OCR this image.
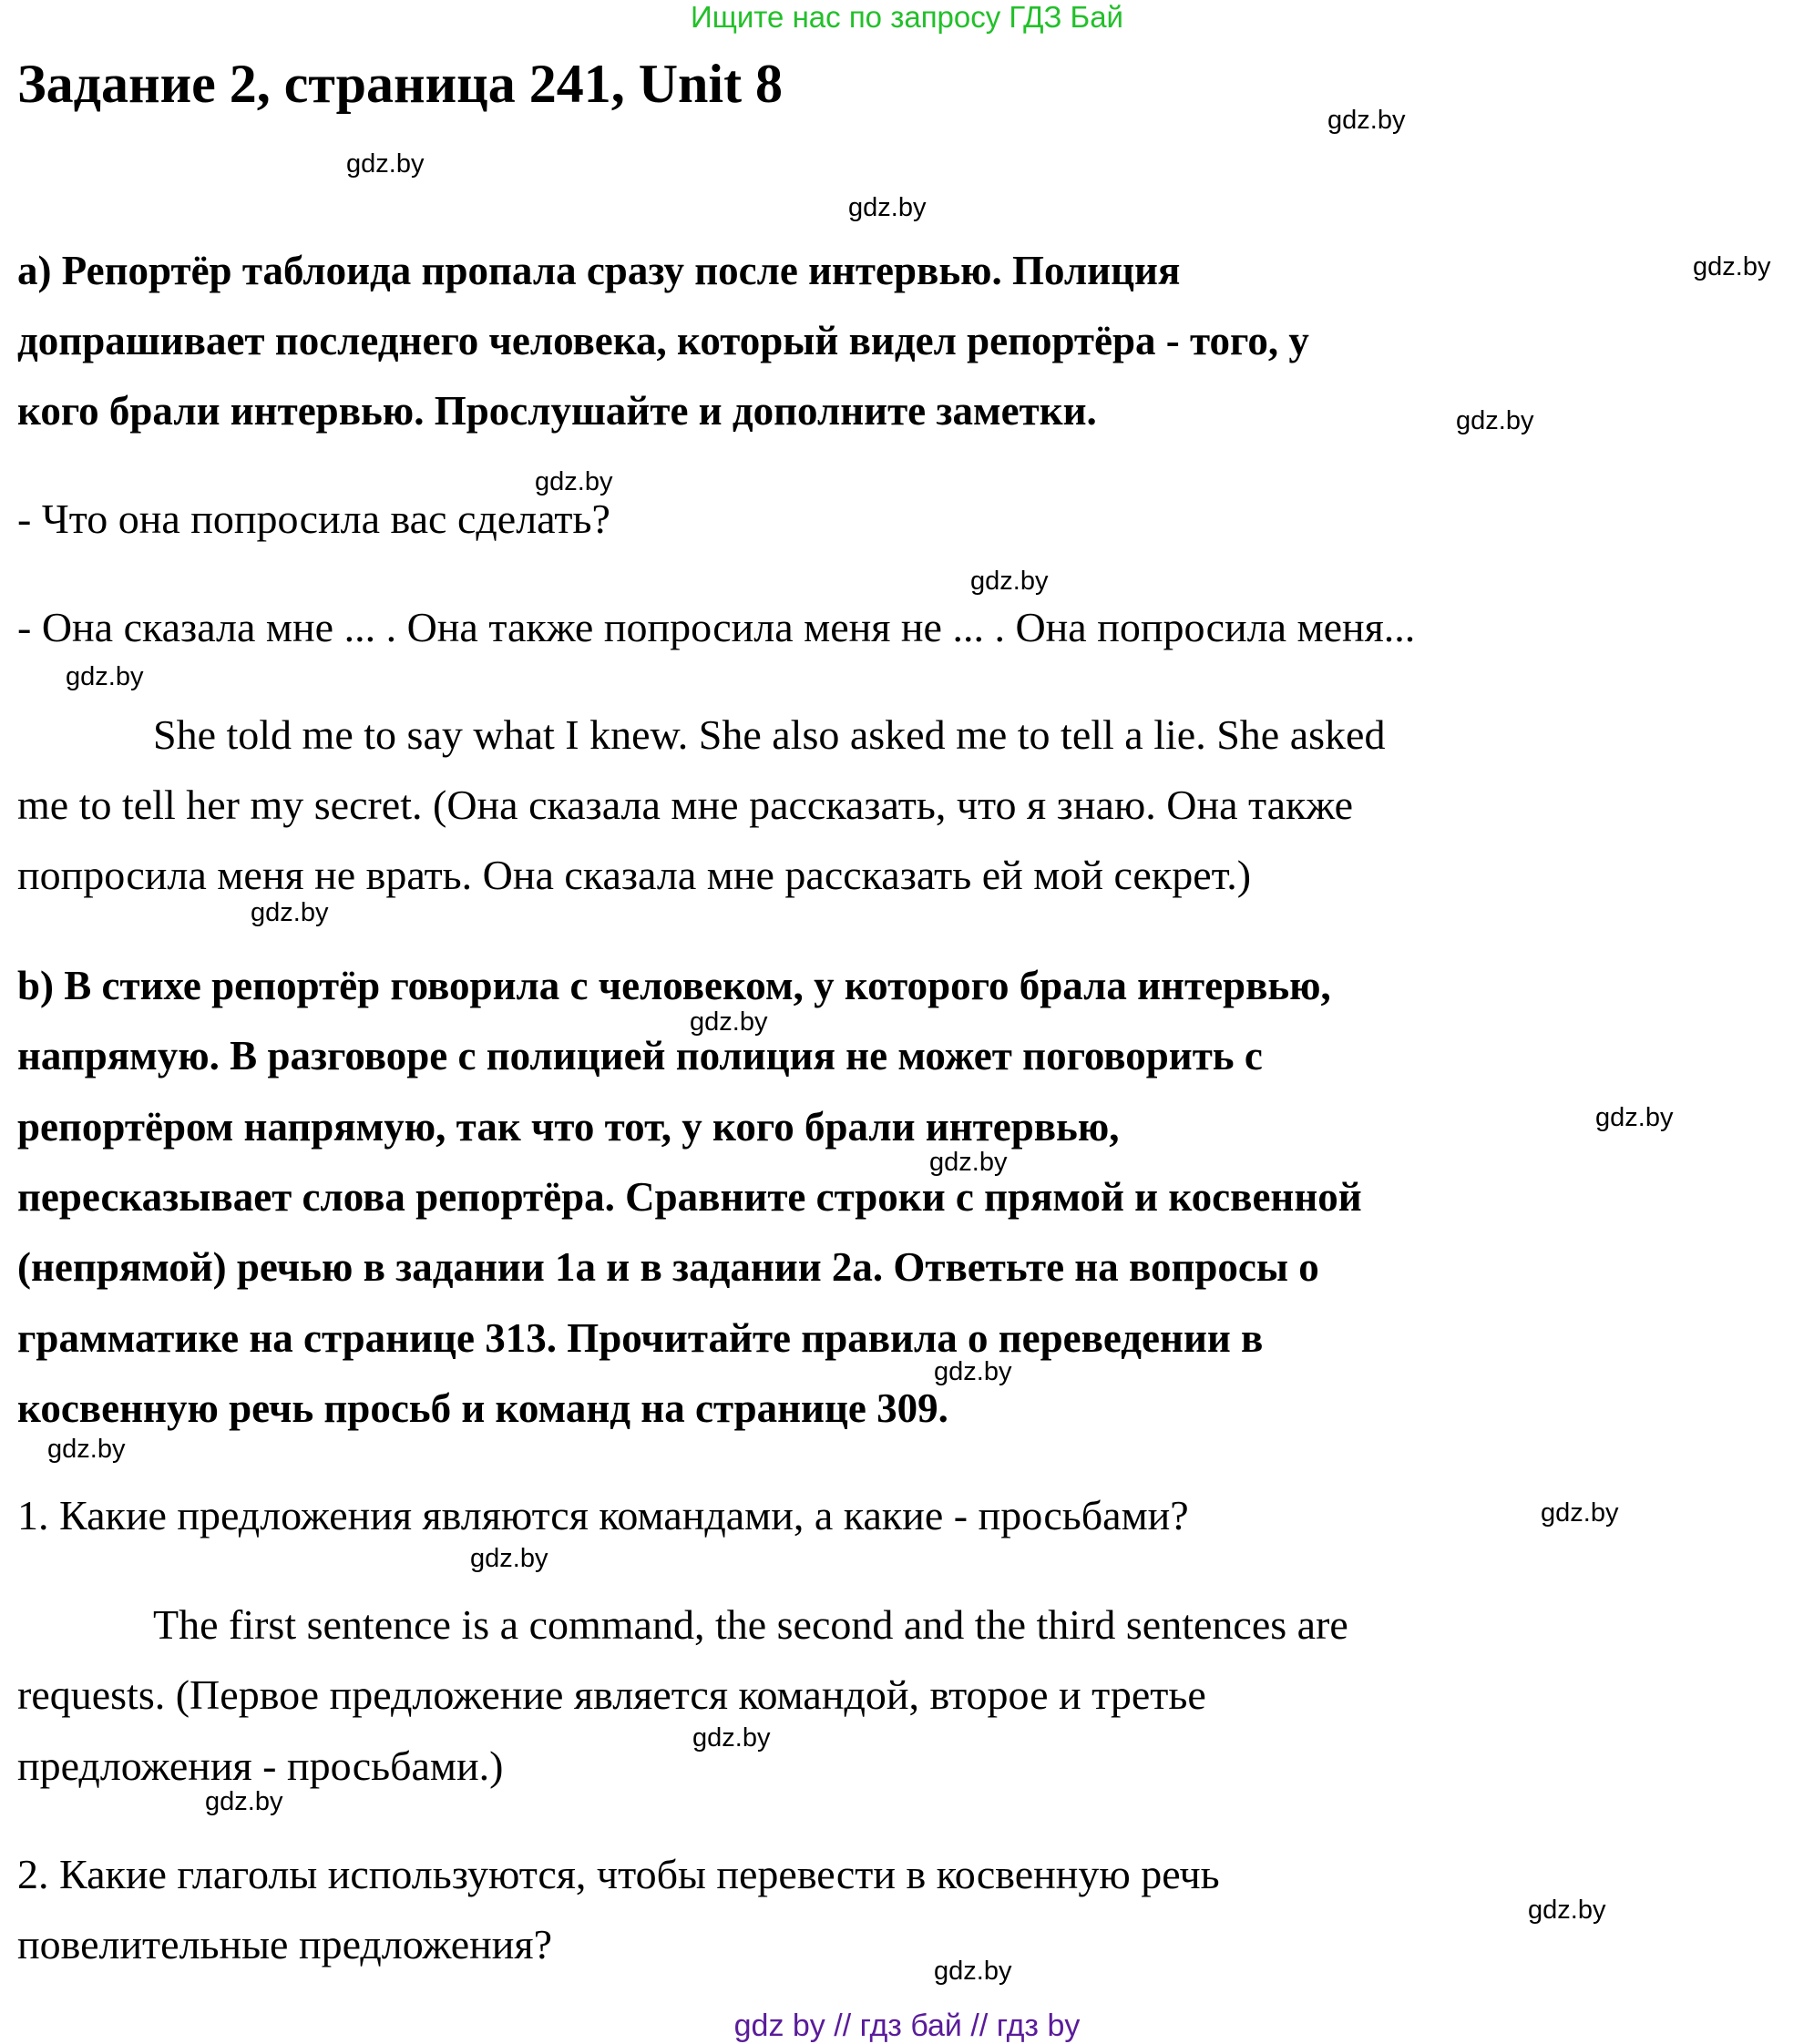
Ищите нас по запросу ГДЗ Бай
Задание 2, страница 241, Unit 8
a) Репортёр таблоида пропала сразу после интервью. Полиция
допрашивает последнего человека, который видел репортёра - того, у
кого брали интервью. Прослушайте и дополните заметки.
- Что она попросила вас сделать?
- Она сказала мне ... . Она также попросила меня не ... . Она попросила меня...
She told me to say what I knew. She also asked me to tell a lie. She asked
me to tell her my secret. (Она сказала мне рассказать, что я знаю. Она также
попросила меня не врать. Она сказала мне рассказать ей мой секрет.)
b) В стихе репортёр говорила с человеком, у которого брала интервью,
напрямую. В разговоре с полицией полиция не может поговорить с
репортёром напрямую, так что тот, у кого брали интервью,
пересказывает слова репортёра. Сравните строки с прямой и косвенной
(непрямой) речью в задании 1a и в задании 2a. Ответьте на вопросы о
грамматике на странице 313. Прочитайте правила о переведении в
косвенную речь просьб и команд на странице 309.
1. Какие предложения являются командами, а какие - просьбами?
The first sentence is a command, the second and the third sentences are
requests. (Первое предложение является командой, второе и третье
предложения - просьбами.)
2. Какие глаголы используются, чтобы перевести в косвенную речь
повелительные предложения?
gdz.by
gdz.by
gdz.by
gdz.by
gdz.by
gdz.by
gdz.by
gdz.by
gdz.by
gdz.by
gdz.by
gdz.by
gdz.by
gdz.by
gdz.by
gdz.by
gdz.by
gdz.by
gdz.by
gdz.by
gdz by // гдз бай // гдз by
